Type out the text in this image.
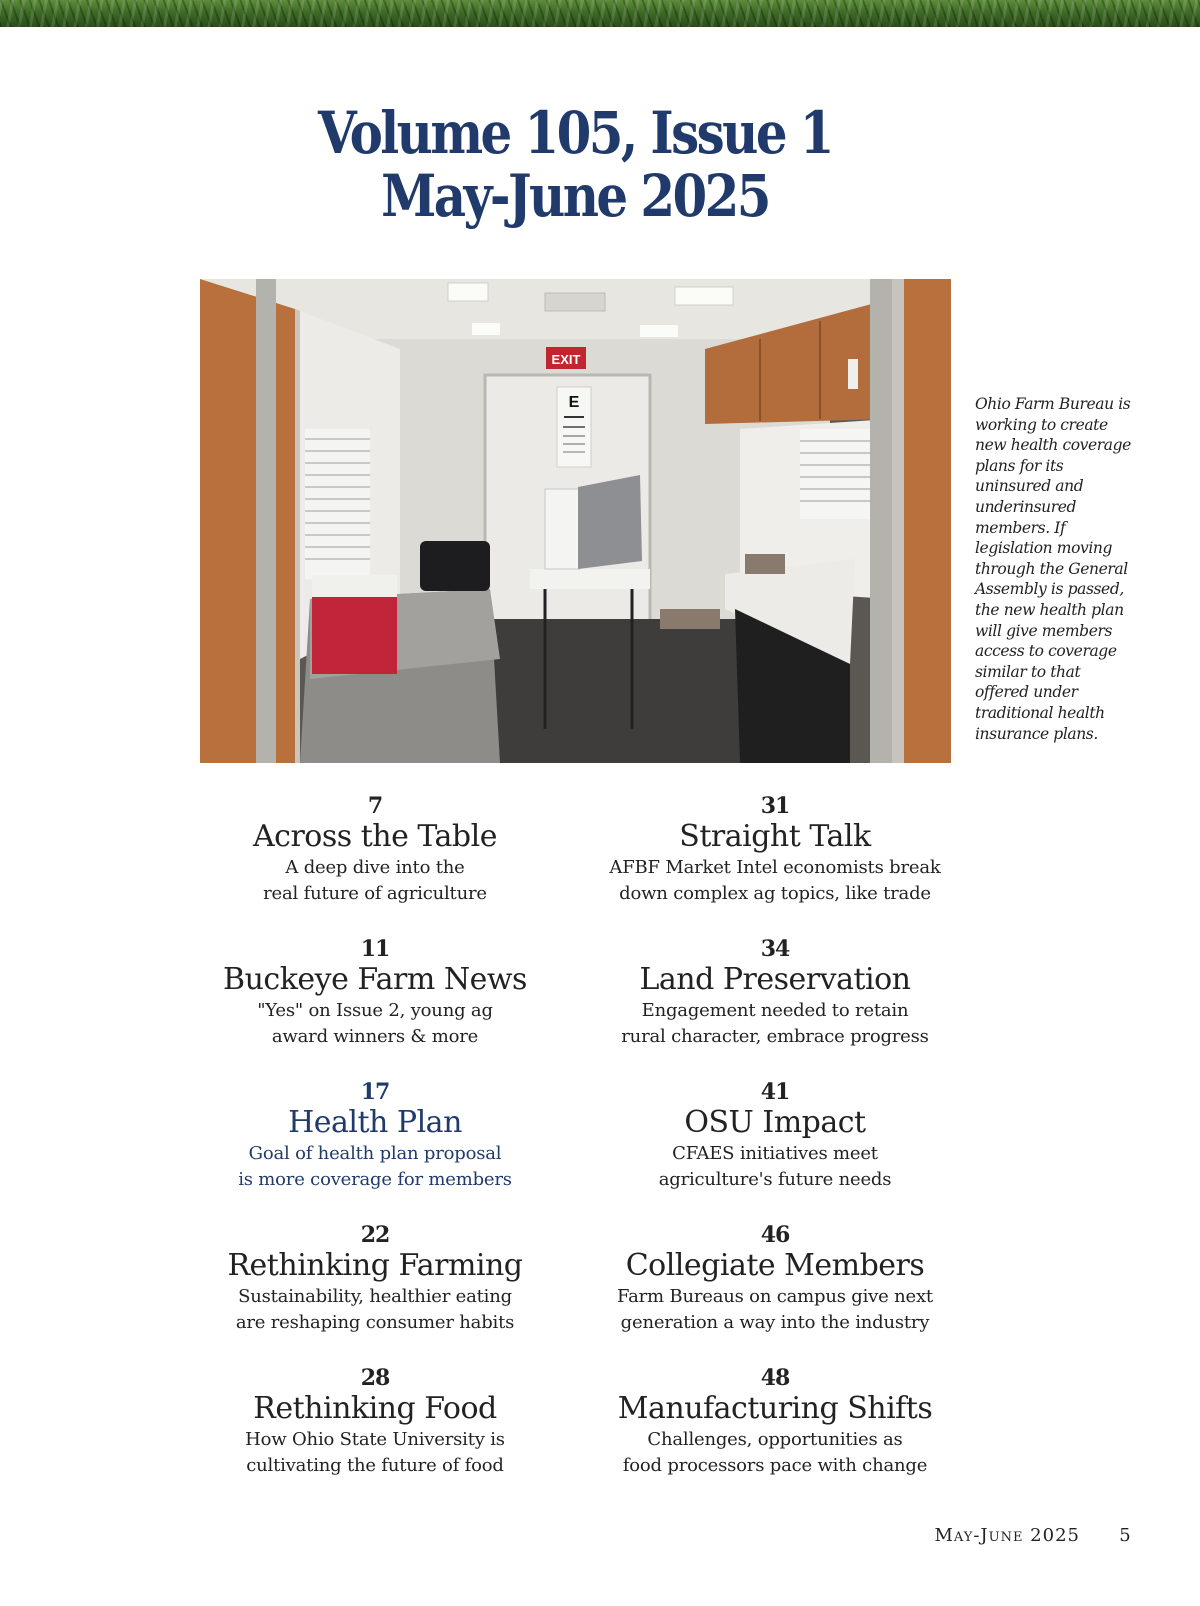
Volume 105, Issue 1
May-June 2025
EXIT
E	Ohio Farm Bureau is working to create new health coverage plans for its uninsured and underinsured members. If legislation moving through the General Assembly is passed, the new health plan will give members access to coverage similar to that offered under traditional health insurance plans.
7
Across the Table
A deep dive into the
real future of agriculture
11
Buckeye Farm News
"Yes" on Issue 2, young ag
award winners & more
17
Health Plan
Goal of health plan proposal
is more coverage for members
22
Rethinking Farming
Sustainability, healthier eating
are reshaping consumer habits
28
Rethinking Food
How Ohio State University is
cultivating the future of food
31
Straight Talk
AFBF Market Intel economists break
down complex ag topics, like trade
34
Land Preservation
Engagement needed to retain
rural character, embrace progress
41
OSU Impact
CFAES initiatives meet
agriculture's future needs
46
Collegiate Members
Farm Bureaus on campus give next
generation a way into the industry
48
Manufacturing Shifts
Challenges, opportunities as
food processors pace with change
May-June 2025	5
